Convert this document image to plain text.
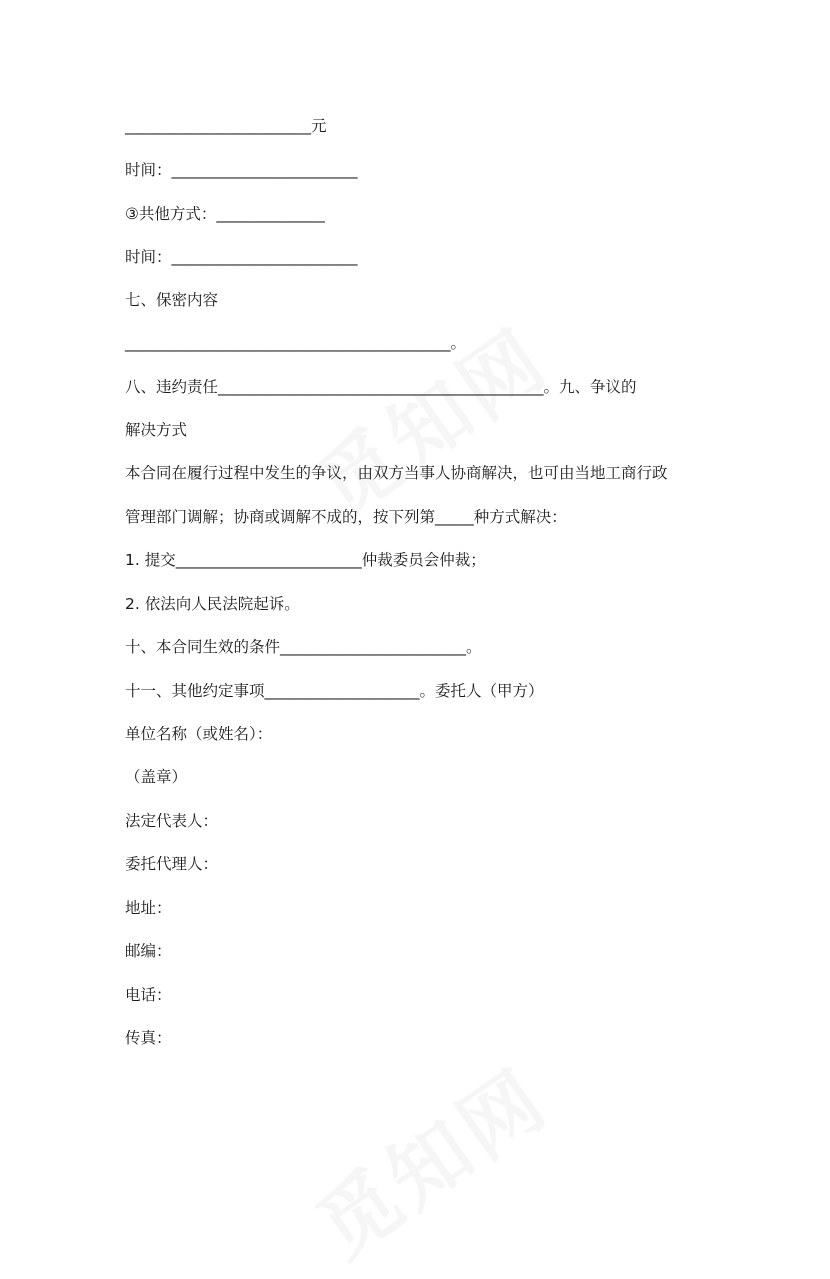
________________________元
时间：________________________
③共他方式：______________
时间：________________________
七、保密内容
__________________________________________。
八、违约责任__________________________________________。九、争议的
解决方式
本合同在履行过程中发生的争议，由双方当事人协商解决，也可由当地工商行政
管理部门调解；协商或调解不成的，按下列第_____种方式解决：
1. 提交________________________仲裁委员会仲裁；
2. 依法向人民法院起诉。
十、本合同生效的条件________________________。
十一、其他约定事项____________________。委托人（甲方）
单位名称（或姓名）：
（盖章）
法定代表人：
委托代理人：
地址：
邮编：
电话：
传真：
